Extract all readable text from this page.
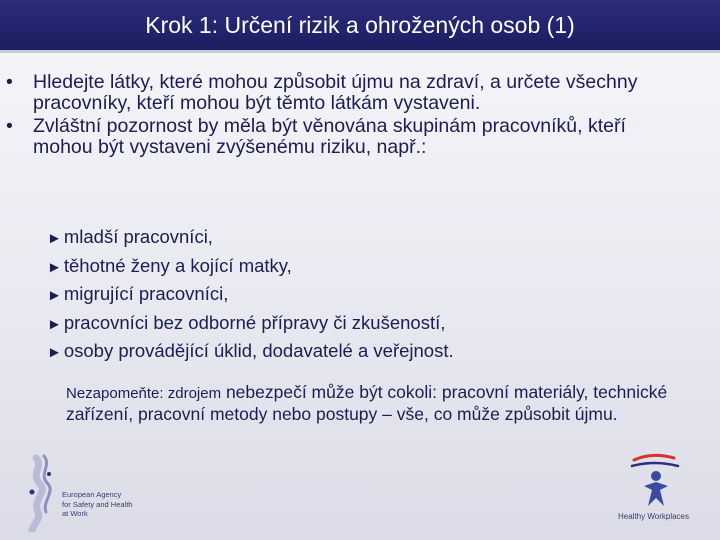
Krok 1: Určení rizik a ohrožených osob (1)
• Hledejte látky, které mohou způsobit újmu na zdraví, a určete všechny pracovníky, kteří mohou být těmto látkám vystaveni.
• Zvláštní pozornost by měla být věnována skupinám pracovníků, kteří mohou být vystaveni zvýšenému riziku, např.:
► mladší pracovníci,
► těhotné ženy a kojící matky,
► migrující pracovníci,
► pracovníci bez odborné přípravy či zkušeností,
► osoby provádějící úklid, dodavatelé a veřejnost.
Nezapomeňte: zdrojem nebezpečí může být cokoli: pracovní materiály, technické zařízení, pracovní metody nebo postupy – vše, co může způsobit újmu.
European Agency
for Safety and Health
at Work	Healthy Workplaces
